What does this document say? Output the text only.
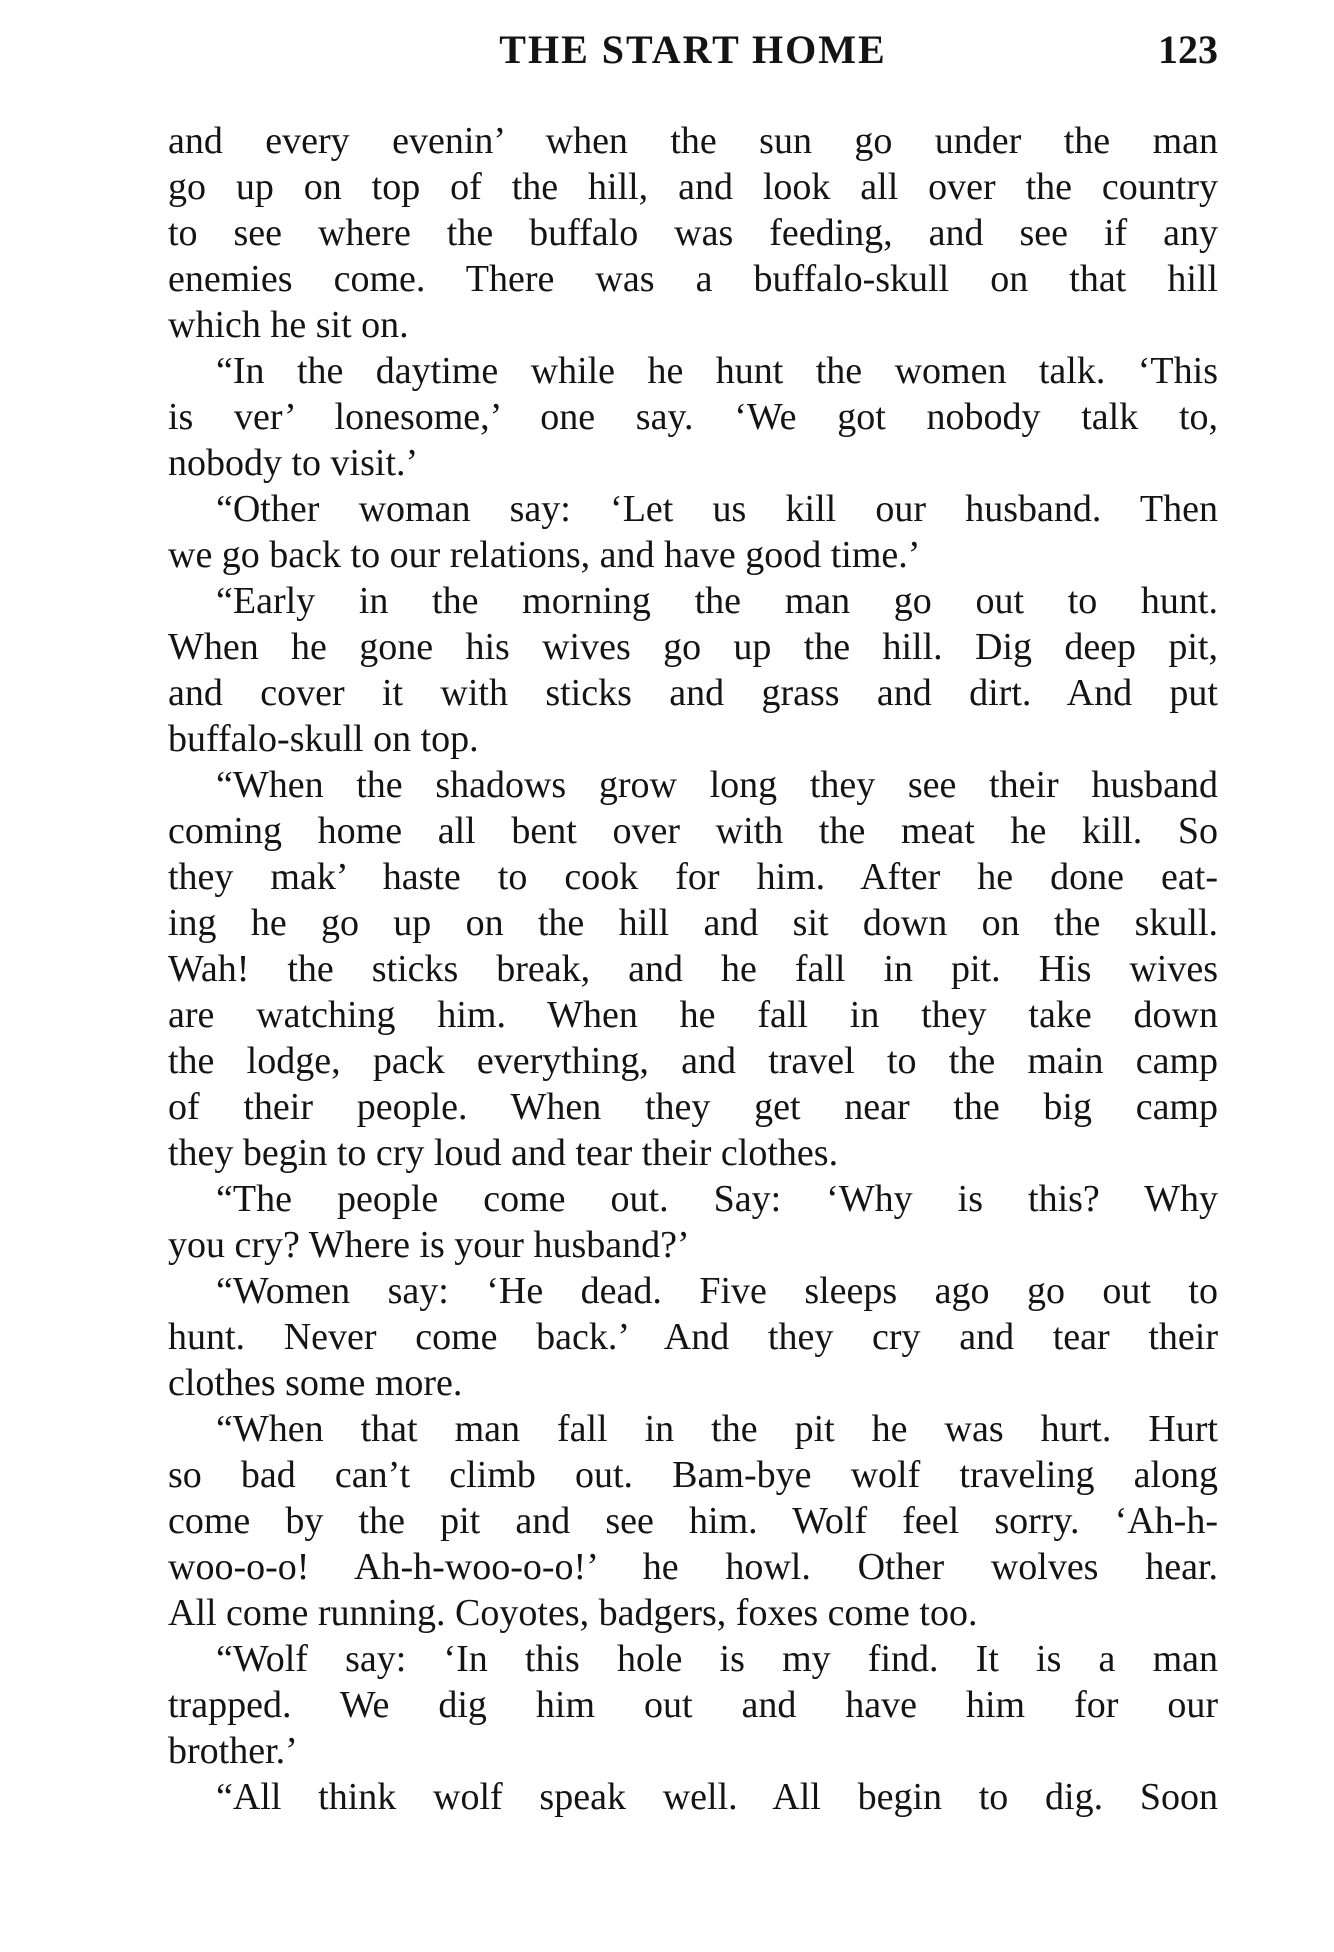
THE START HOME	123
and every evenin’ when the sun go under the man
go up on top of the hill, and look all over the country
to see where the buffalo was feeding, and see if any
enemies come. There was a buffalo-skull on that hill
which he sit on.
“In the daytime while he hunt the women talk. ‘This
is ver’ lonesome,’ one say. ‘We got nobody talk to,
nobody to visit.’
“Other woman say: ‘Let us kill our husband. Then
we go back to our relations, and have good time.’
“Early in the morning the man go out to hunt.
When he gone his wives go up the hill. Dig deep pit,
and cover it with sticks and grass and dirt. And put
buffalo-skull on top.
“When the shadows grow long they see their husband
coming home all bent over with the meat he kill. So
they mak’ haste to cook for him. After he done eat-
ing he go up on the hill and sit down on the skull.
Wah! the sticks break, and he fall in pit. His wives
are watching him. When he fall in they take down
the lodge, pack everything, and travel to the main camp
of their people. When they get near the big camp
they begin to cry loud and tear their clothes.
“The people come out. Say: ‘Why is this? Why
you cry? Where is your husband?’
“Women say: ‘He dead. Five sleeps ago go out to
hunt. Never come back.’ And they cry and tear their
clothes some more.
“When that man fall in the pit he was hurt. Hurt
so bad can’t climb out. Bam-bye wolf traveling along
come by the pit and see him. Wolf feel sorry. ‘Ah-h-
woo-o-o! Ah-h-woo-o-o!’ he howl. Other wolves hear.
All come running. Coyotes, badgers, foxes come too.
“Wolf say: ‘In this hole is my find. It is a man
trapped. We dig him out and have him for our
brother.’
“All think wolf speak well. All begin to dig. Soon
